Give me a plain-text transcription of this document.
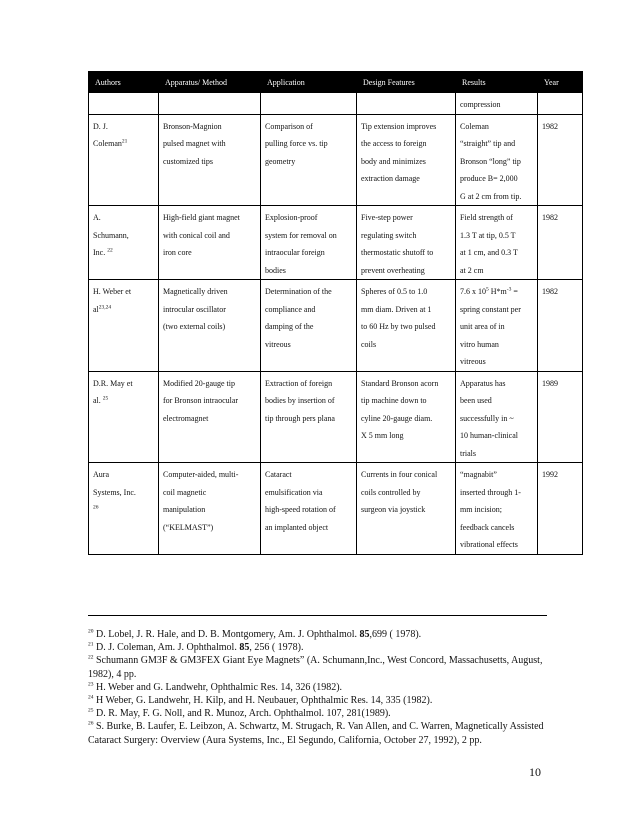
Authors	Apparatus/ Method	Application	Design Features	Results	Year

				compression	

D. J.
Coleman$^{21}$	Bronson-Magnion
pulsed magnet with
customized tips	Comparison of
pulling force vs. tip
geometry	Tip extension improves
the access to foreign
body and minimizes
extraction damage	Coleman
“straight” tip and
Bronson “long” tip
produce B= 2,000
G at 2 cm from tip.	1982

A.
Schumann,
Inc. $^{22}$	High-field giant magnet
with conical coil and
iron core	Explosion-proof
system for removal on
intraocular foreign
bodies	Five-step power
regulating switch
thermostatic shutoff to
prevent overheating	Field strength of
1.3 T at tip, 0.5 T
at 1 cm, and 0.3 T
at 2 cm	1982

H. Weber et
al$^{23,24}$	Magnetically driven
introcular oscillator
(two external coils)	Determination of the
compliance and
damping of the
vitreous	Spheres of 0.5 to 1.0
mm diam. Driven at 1
to 60 Hz by two pulsed
coils	7.6 x $10^5$ $H*m^{-3}$ =
spring constant per
unit area of in
vitro human
vitreous	1982

D.R. May et
al. $^{25}$	Modified 20-gauge tip
for Bronson intraocular
electromagnet	Extraction of foreign
bodies by insertion of
tip through pers plana	Standard Bronson acorn
tip machine down to
cyline 20-gauge diam.
X 5 mm long	Apparatus has
been used
successfully in ~
10 human-clinical
trials	1989

Aura
Systems, Inc.
$^{26}$	Computer-aided, multi-
coil magnetic
manipulation
(“KELMAST”)	Cataract
emulsification via
high-speed rotation of
an implanted object	Currents in four conical
coils controlled by
surgeon via joystick	“magnabit”
inserted through 1-
mm incision;
feedback cancels
vibrational effects	1992

$^{20}$ D. Lobel, J. R. Hale, and D. B. Montgomery, Am. J. Ophthalmol. 85,699 ( 1978).

$^{21}$ D. J. Coleman, Am. J. Ophthalmol. 85, 256 ( 1978).

$^{22}$ Schumann GM3F & GM3FEX Giant Eye Magnets” (A. Schumann,Inc., West Concord, Massachusetts, August, 1982), 4 pp.

$^{23}$ H. Weber and G. Landwehr, Ophthalmic Res. 14, 326 (1982).

$^{24}$ H Weber, G. Landwehr, H. Kilp, and H. Neubauer, Ophthalmic Res. 14, 335 (1982).

$^{25}$ D. R. May, F. G. Noll, and R. Munoz, Arch. Ophthalmol. 107, 281(1989).

$^{26}$ S. Burke, B. Laufer, E. Leibzon, A. Schwartz, M. Strugach, R. Van Allen, and C. Warren, Magnetically Assisted Cataract Surgery: Overview (Aura Systems, Inc., El Segundo, California, October 27, 1992), 2 pp.

10
